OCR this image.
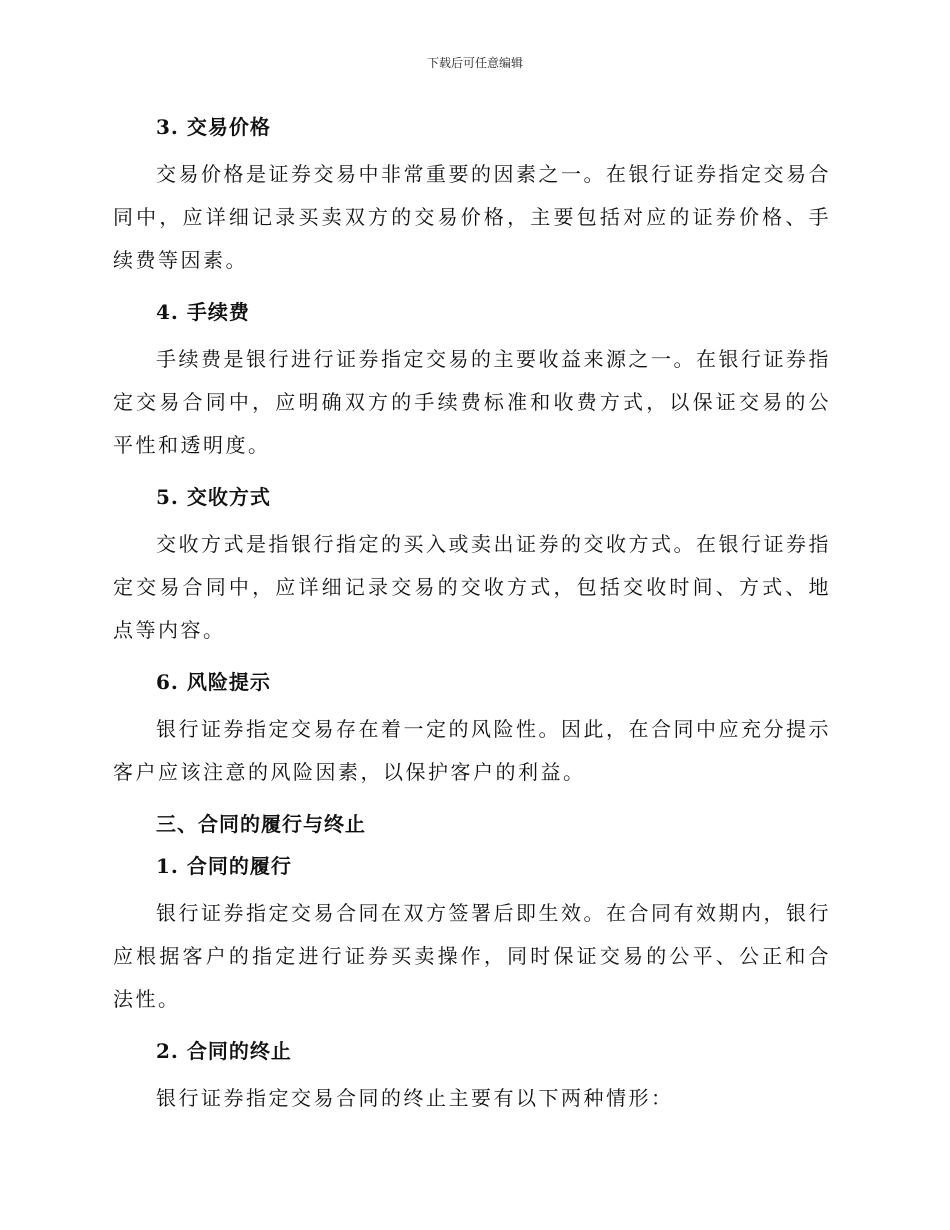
下载后可任意编辑
3. 交易价格

交易价格是证券交易中非常重要的因素之一。在银行证券指定交易合同中，应详细记录买卖双方的交易价格，主要包括对应的证券价格、手续费等因素。

4. 手续费

手续费是银行进行证券指定交易的主要收益来源之一。在银行证券指定交易合同中，应明确双方的手续费标准和收费方式，以保证交易的公平性和透明度。

5. 交收方式

交收方式是指银行指定的买入或卖出证券的交收方式。在银行证券指定交易合同中，应详细记录交易的交收方式，包括交收时间、方式、地点等内容。

6. 风险提示

银行证券指定交易存在着一定的风险性。因此，在合同中应充分提示客户应该注意的风险因素，以保护客户的利益。

三、合同的履行与终止
1. 合同的履行

银行证券指定交易合同在双方签署后即生效。在合同有效期内，银行应根据客户的指定进行证券买卖操作，同时保证交易的公平、公正和合法性。

2. 合同的终止

银行证券指定交易合同的终止主要有以下两种情形：
